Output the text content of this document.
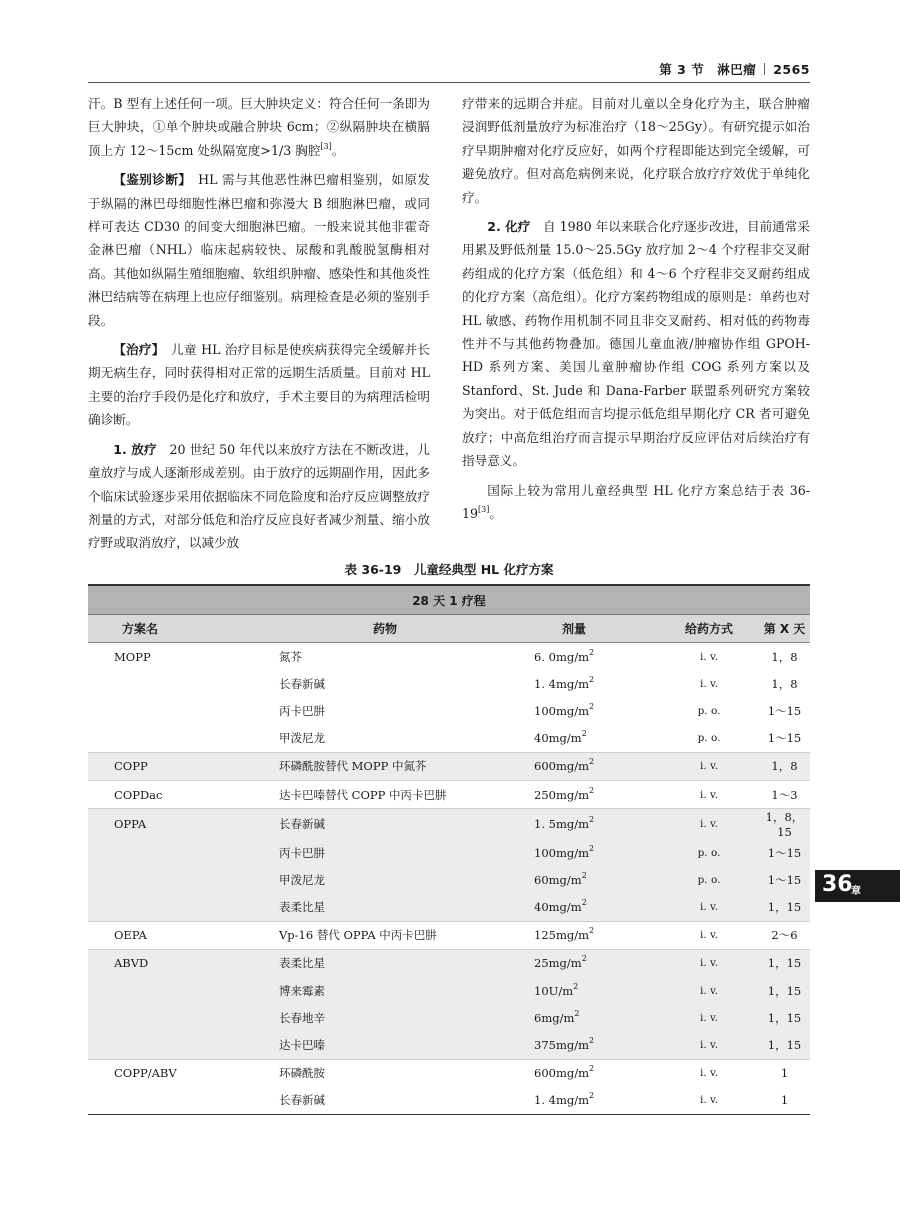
第 3 节　淋巴瘤 2565

汗。B 型有上述任何一项。巨大肿块定义：符合任何一条即为巨大肿块，①单个肿块或融合肿块 6cm；②纵隔肿块在横膈顶上方 12～15cm 处纵隔宽度>1/3 胸腔[3]。

【鉴别诊断】　 HL 需与其他恶性淋巴瘤相鉴别，如原发于纵隔的淋巴母细胞性淋巴瘤和弥漫大 B 细胞淋巴瘤，或同样可表达 CD30 的间变大细胞淋巴瘤。一般来说其他非霍奇金淋巴瘤（NHL）临床起病较快、尿酸和乳酸脱氢酶相对高。其他如纵隔生殖细胞瘤、软组织肿瘤、感染性和其他炎性淋巴结病等在病理上也应仔细鉴别。病理检查是必须的鉴别手段。

【治疗】　 儿童 HL 治疗目标是使疾病获得完全缓解并长期无病生存，同时获得相对正常的远期生活质量。目前对 HL 主要的治疗手段仍是化疗和放疗，手术主要目的为病理活检明确诊断。

1. 放疗　 20 世纪 50 年代以来放疗方法在不断改进，儿童放疗与成人逐渐形成差别。由于放疗的远期副作用，因此多个临床试验逐步采用依据临床不同危险度和治疗反应调整放疗剂量的方式，对部分低危和治疗反应良好者减少剂量、缩小放疗野或取消放疗，以减少放

疗带来的远期合并症。目前对儿童以全身化疗为主，联合肿瘤浸润野低剂量放疗为标准治疗（18～25Gy）。有研究提示如治疗早期肿瘤对化疗反应好，如两个疗程即能达到完全缓解，可避免放疗。但对高危病例来说，化疗联合放疗疗效优于单纯化疗。

2. 化疗　 自 1980 年以来联合化疗逐步改进，目前通常采用累及野低剂量 15.0～25.5Gy 放疗加 2～4 个疗程非交叉耐药组成的化疗方案（低危组）和 4～6 个疗程非交叉耐药组成的化疗方案（高危组）。化疗方案药物组成的原则是：单药也对 HL 敏感、药物作用机制不同且非交叉耐药、相对低的药物毒性并不与其他药物叠加。德国儿童血液/肿瘤协作组 GPOH-HD 系列方案、美国儿童肿瘤协作组 COG 系列方案以及 Stanford、St. Jude 和 Dana-Farber 联盟系列研究方案较为突出。对于低危组而言均提示低危组早期化疗 CR 者可避免放疗；中高危组治疗而言提示早期治疗反应评估对后续治疗有指导意义。

国际上较为常用儿童经典型 HL 化疗方案总结于表 36-19[3]。

表 36-19　儿童经典型 HL 化疗方案
28 天 1 疗程				
方案名	药物	剂量	给药方式	第 X 天
MOPP	氮芥	6. $0mg/m^2$	i. v.	1，8
	长春新碱	1. $4mg/m^2$	i. v.	1，8
	丙卡巴肼	$100mg/m^2$	p. o.	1～15
	甲泼尼龙	$40mg/m^2$	p. o.	1～15
COPP	环磷酰胺替代 MOPP 中氮芥	$600mg/m^2$	i. v.	1，8
COPDac	达卡巴嗪替代 COPP 中丙卡巴肼	$250mg/m^2$	i. v.	1～3
OPPA	长春新碱	1. $5mg/m^2$	i. v.	1，8，15
	丙卡巴肼	$100mg/m^2$	p. o.	1～15
	甲泼尼龙	$60mg/m^2$	p. o.	1～15
	表柔比星	$40mg/m^2$	i. v.	1，15
OEPA	Vp-16 替代 OPPA 中丙卡巴肼	$125mg/m^2$	i. v.	2～6
ABVD	表柔比星	$25mg/m^2$	i. v.	1，15
	博来霉素	$10U/m^2$	i. v.	1，15
	长春地辛	$6mg/m^2$	i. v.	1，15
	达卡巴嗪	$375mg/m^2$	i. v.	1，15
COPP/ABV	环磷酰胺	$600mg/m^2$	i. v.	1
	长春新碱	1. $4mg/m^2$	i. v.	1
36
章
